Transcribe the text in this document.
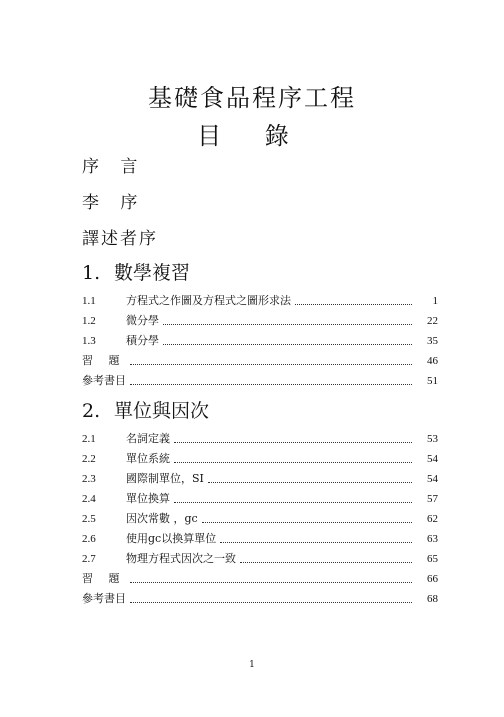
基礎食品程序工程
目 錄
序 言
李 序
譯述者序
1. 數學複習
1.1	方程式之作圖及方程式之圖形求法	1
1.2	微分學	22
1.3	積分學	35
習 題	46
參考書目	51
2. 單位與因次
2.1	名詞定義	53
2.2	單位系統	54
2.3	國際制單位，SI	54
2.4	單位換算	57
2.5	因次常數 ，gc	62
2.6	使用gc以換算單位	63
2.7	物理方程式因次之一致	65
習 題	66
參考書目	68
1
